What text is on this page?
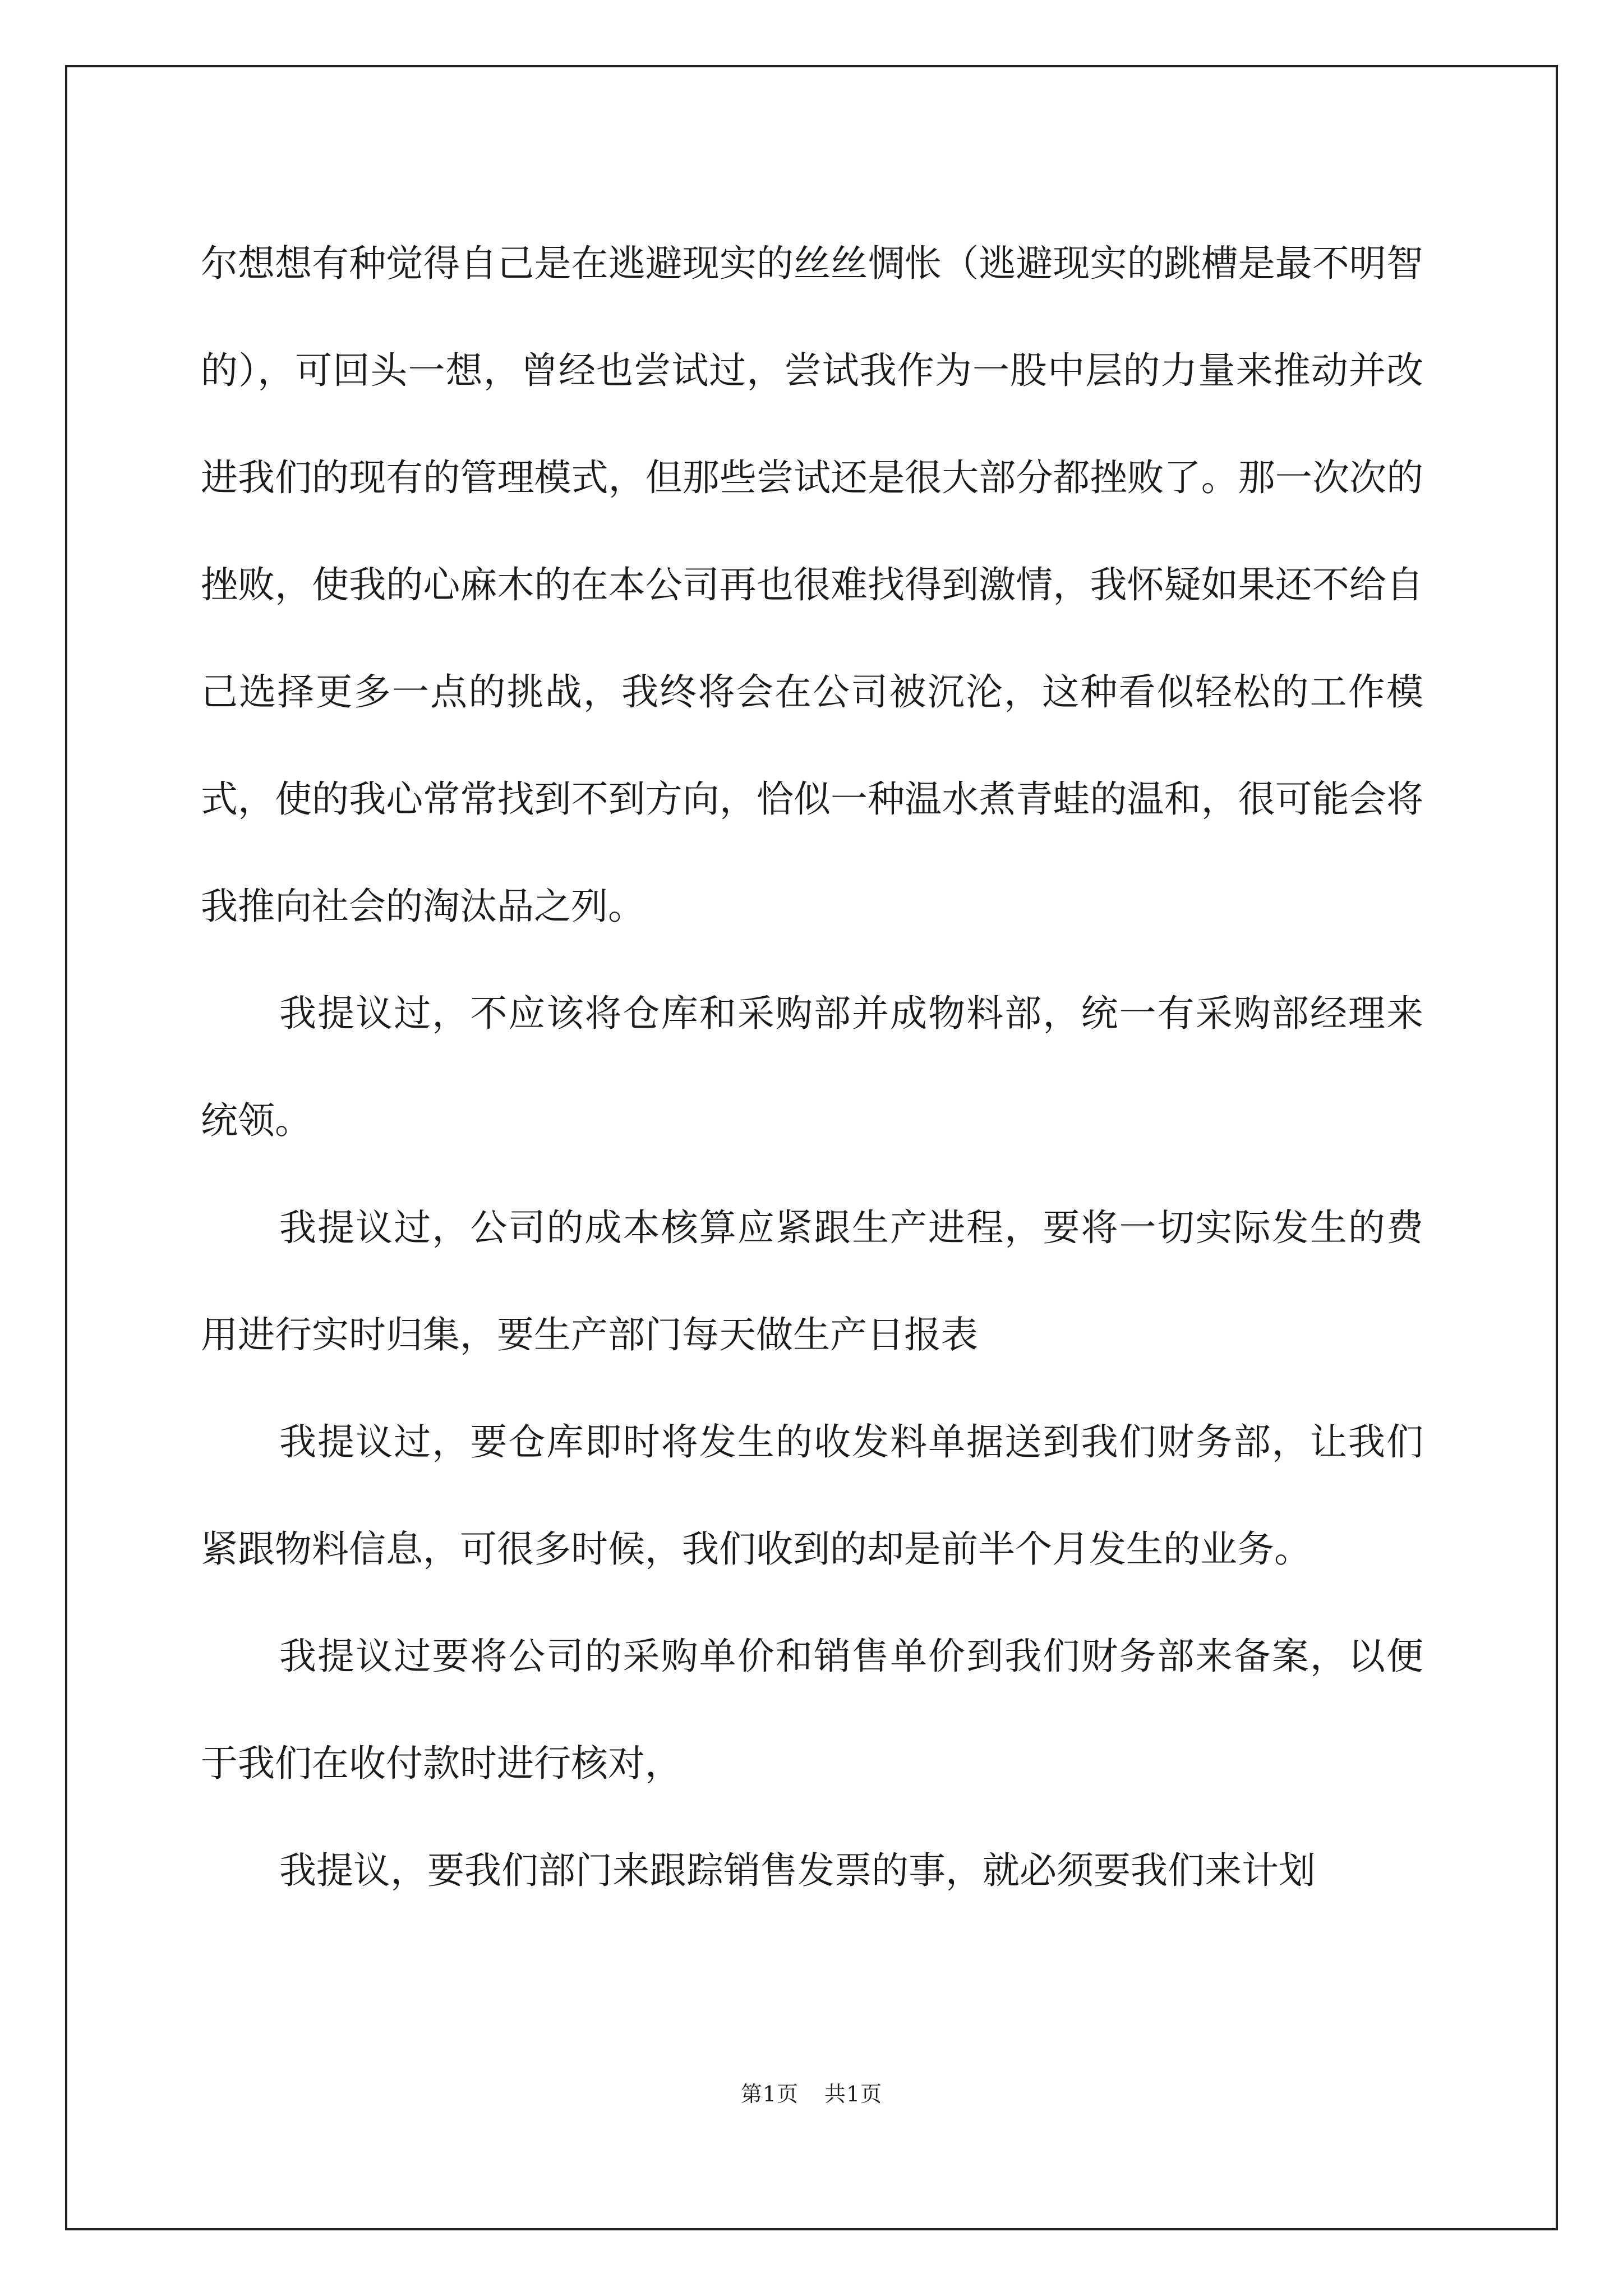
尔想想有种觉得自己是在逃避现实的丝丝惆怅（逃避现实的跳槽是最不明智的），可回头一想，曾经也尝试过，尝试我作为一股中层的力量来推动并改进我们的现有的管理模式，但那些尝试还是很大部分都挫败了。那一次次的挫败，使我的心麻木的在本公司再也很难找得到激情，我怀疑如果还不给自己选择更多一点的挑战，我终将会在公司被沉沦，这种看似轻松的工作模式，使的我心常常找到不到方向，恰似一种温水煮青蛙的温和，很可能会将我推向社会的淘汰品之列。

我提议过，不应该将仓库和采购部并成物料部，统一有采购部经理来统领。

我提议过，公司的成本核算应紧跟生产进程，要将一切实际发生的费用进行实时归集，要生产部门每天做生产日报表

我提议过，要仓库即时将发生的收发料单据送到我们财务部，让我们紧跟物料信息，可很多时候，我们收到的却是前半个月发生的业务。

我提议过要将公司的采购单价和销售单价到我们财务部来备案，以便于我们在收付款时进行核对，

我提议，要我们部门来跟踪销售发票的事，就必须要我们来计划

第1页 共1页
